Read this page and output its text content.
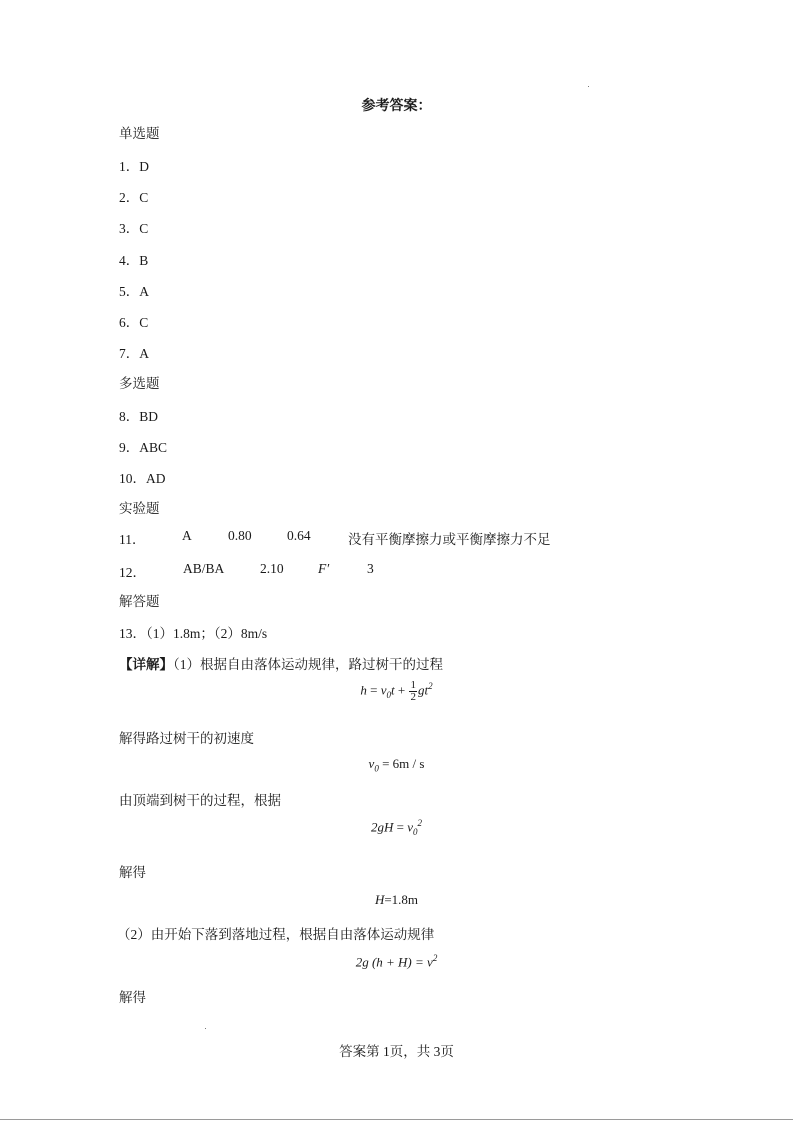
参考答案：
单选题
1．D
2．C
3．C
4．B
5．A
6．C
7．A
多选题
8．BD
9．ABC
10．AD
实验题
11．	A	0.80	0.64	没有平衡摩擦力或平衡摩擦力不足
12．	AB/BA	2.10	F′	3
解答题
13．（1）1.8m；（2）8m/s
【详解】（1）根据自由落体运动规律，路过树干的过程
$h = v_0t + \frac{1}{2} gt^2$
解得路过树干的初速度
$v_0 = 6m / s$
由顶端到树干的过程，根据
$2gH = v_0^2$
解得
H=1.8m
（2）由开始下落到落地过程，根据自由落体运动规律
2g $(h + H) = v^2$
解得
答案第 1页，共 3页
